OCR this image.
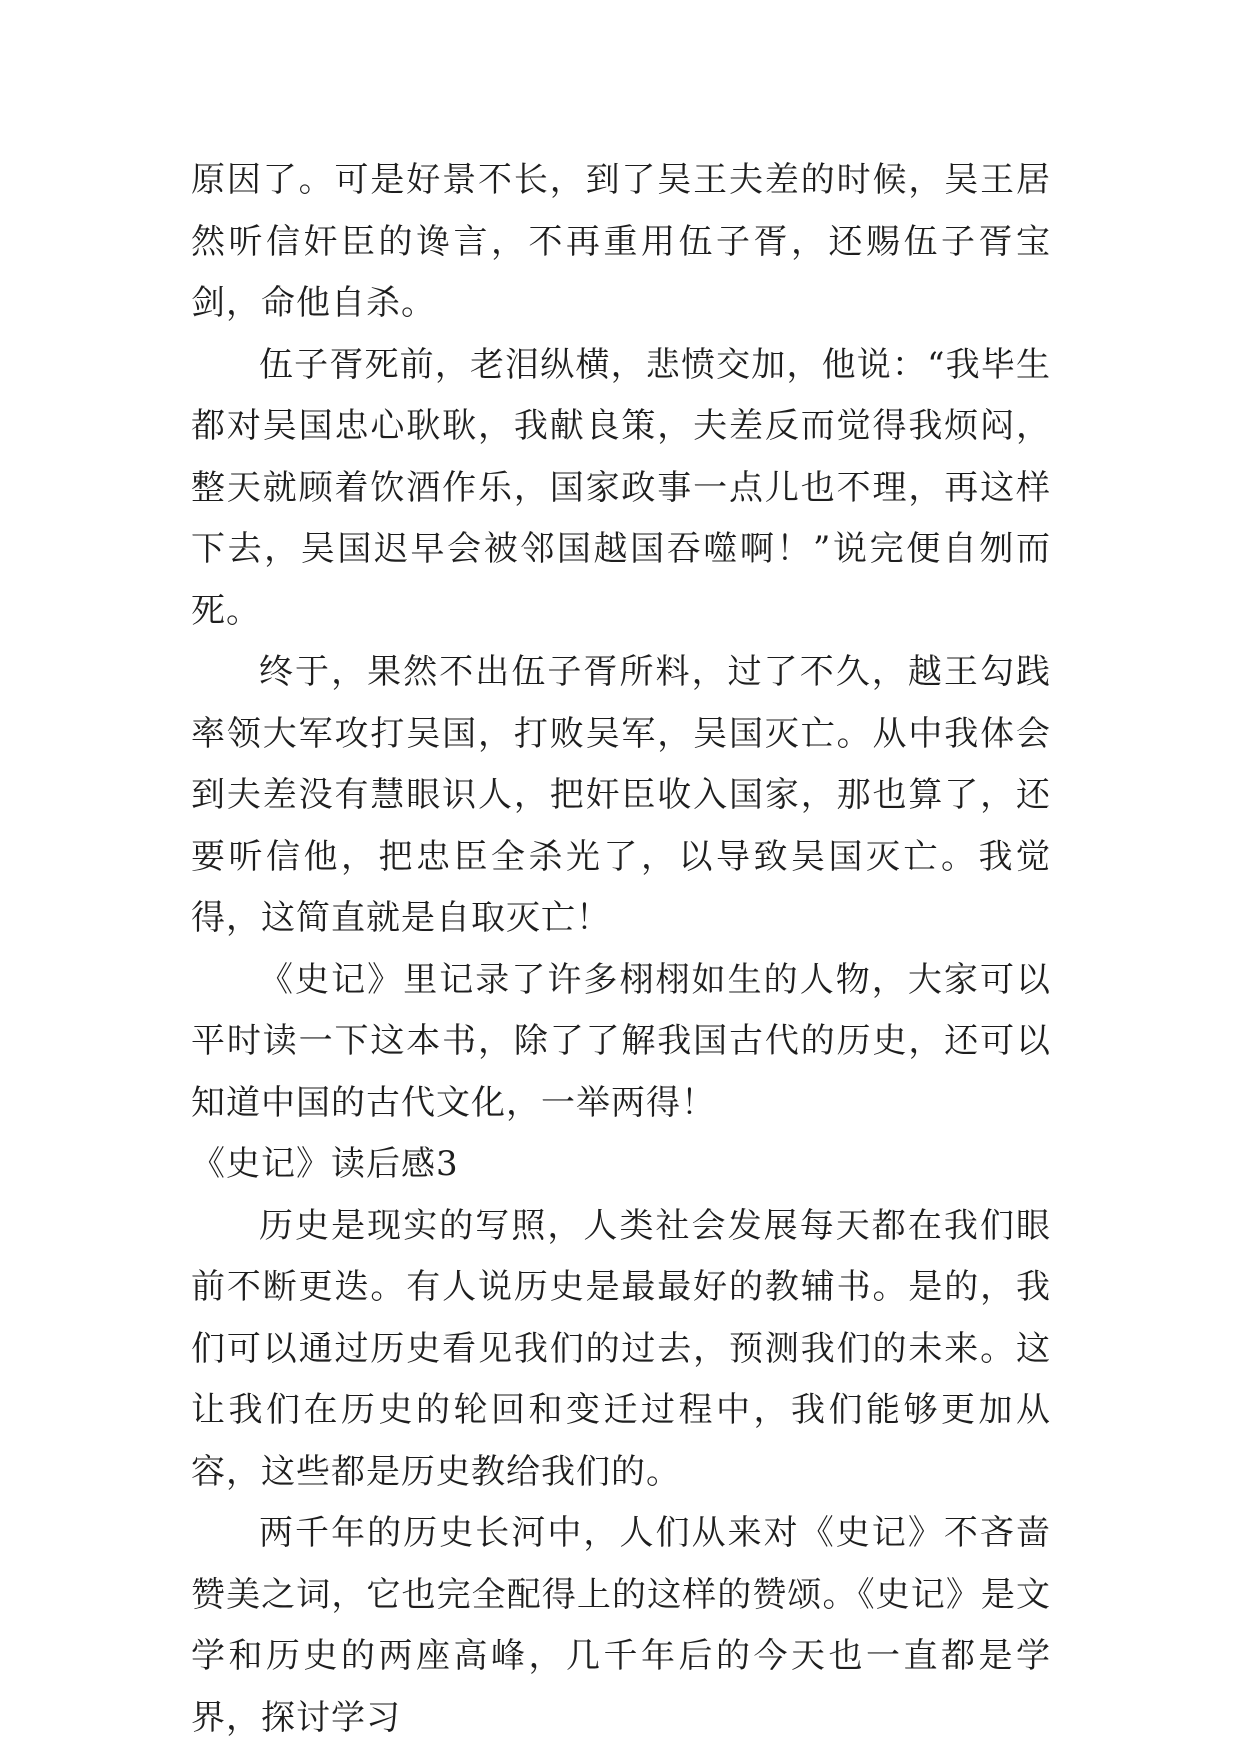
原因了。可是好景不长，到了吴王夫差的时候，吴王居然听信奸臣的谗言，不再重用伍子胥，还赐伍子胥宝剑，命他自杀。

伍子胥死前，老泪纵横，悲愤交加，他说：“我毕生都对吴国忠心耿耿，我献良策，夫差反而觉得我烦闷，整天就顾着饮酒作乐，国家政事一点儿也不理，再这样下去，吴国迟早会被邻国越国吞噬啊！”说完便自刎而死。

终于，果然不出伍子胥所料，过了不久，越王勾践率领大军攻打吴国，打败吴军，吴国灭亡。从中我体会到夫差没有慧眼识人，把奸臣收入国家，那也算了，还要听信他，把忠臣全杀光了，以导致吴国灭亡。我觉得，这简直就是自取灭亡！

《史记》里记录了许多栩栩如生的人物，大家可以平时读一下这本书，除了了解我国古代的历史，还可以知道中国的古代文化，一举两得！

《史记》读后感3

历史是现实的写照，人类社会发展每天都在我们眼前不断更迭。有人说历史是最最好的教辅书。是的，我们可以通过历史看见我们的过去，预测我们的未来。这让我们在历史的轮回和变迁过程中，我们能够更加从容，这些都是历史教给我们的。

两千年的历史长河中，人们从来对《史记》不吝啬赞美之词，它也完全配得上的这样的赞颂。《史记》是文学和历史的两座高峰，几千年后的今天也一直都是学界，探讨学习
